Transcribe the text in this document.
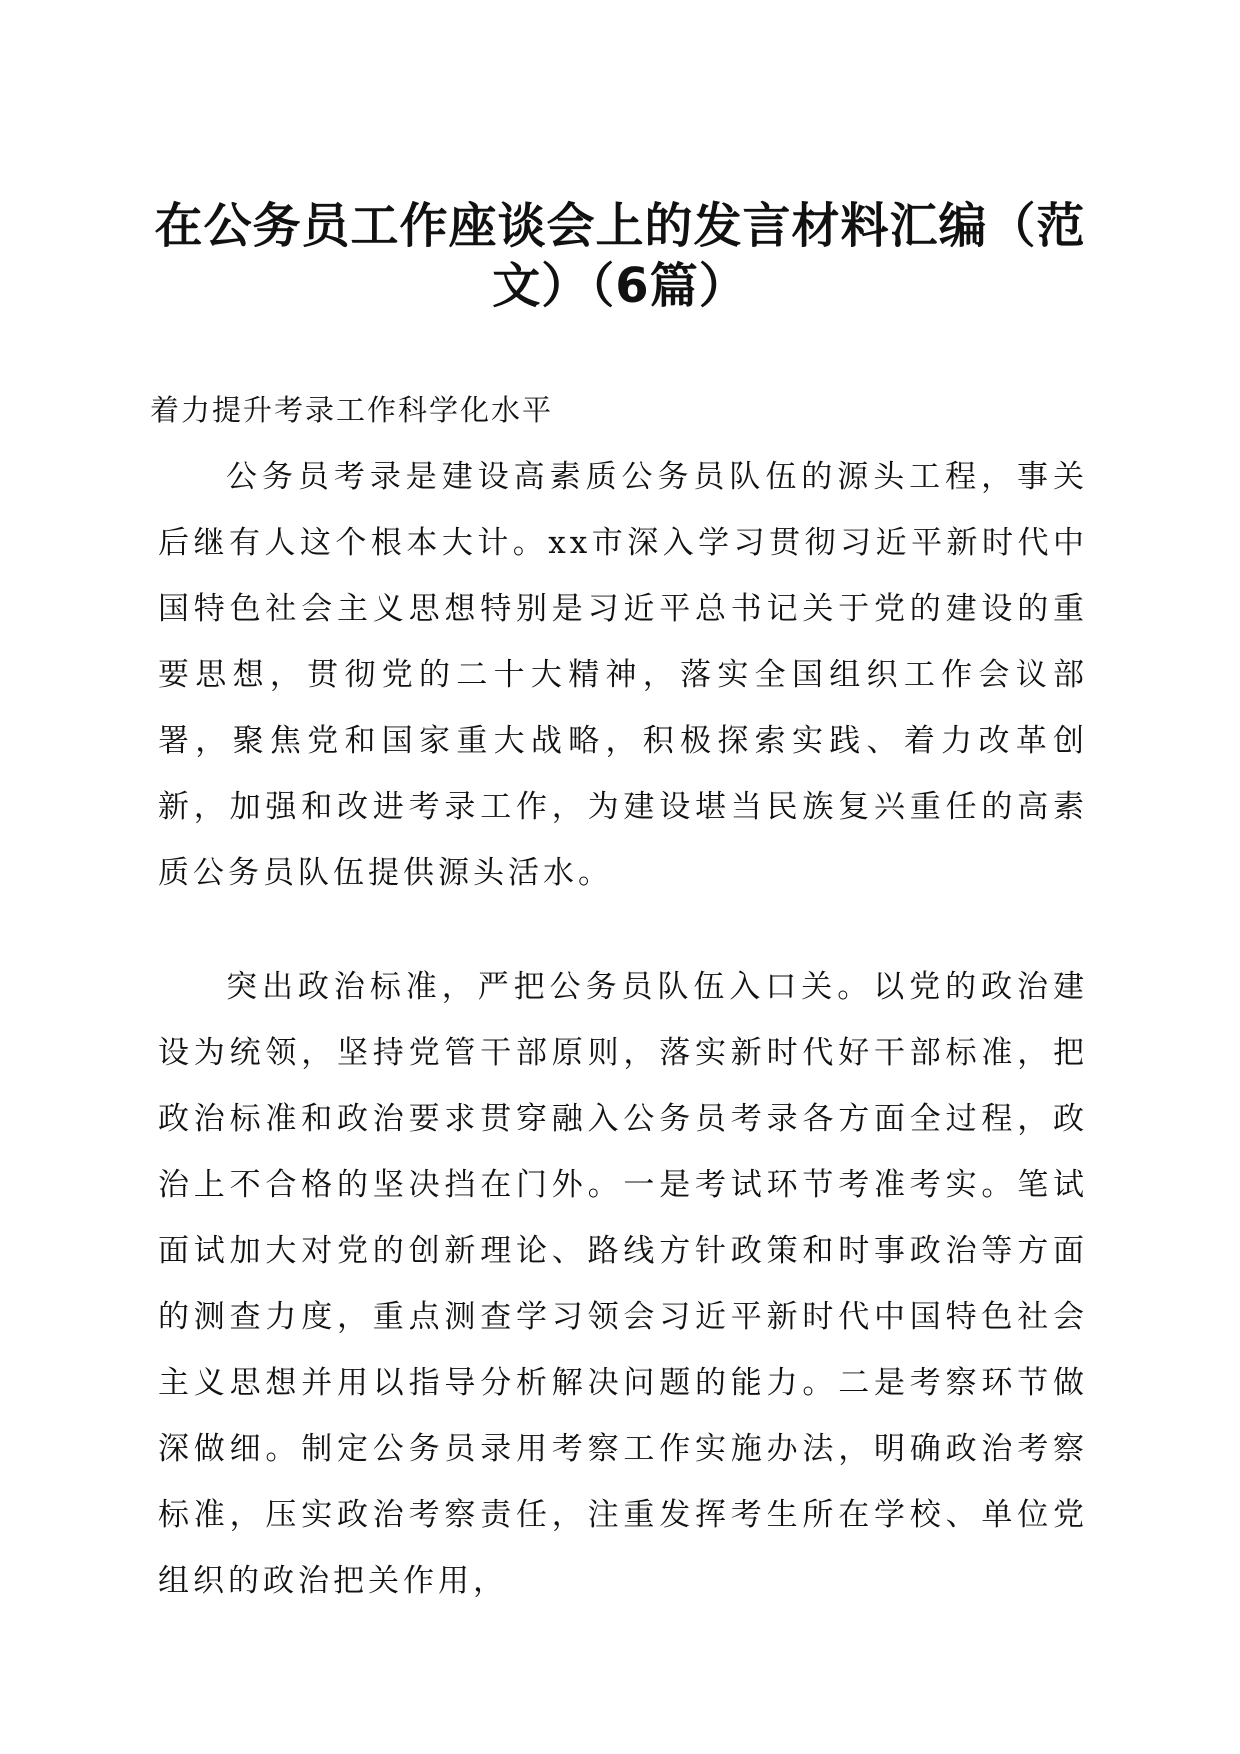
在公务员工作座谈会上的发言材料汇编（范
文）（6篇）
着力提升考录工作科学化水平

公务员考录是建设高素质公务员队伍的源头工程，事关后继有人这个根本大计。xx市深入学习贯彻习近平新时代中国特色社会主义思想特别是习近平总书记关于党的建设的重要思想，贯彻党的二十大精神，落实全国组织工作会议部署，聚焦党和国家重大战略，积极探索实践、着力改革创新，加强和改进考录工作，为建设堪当民族复兴重任的高素质公务员队伍提供源头活水。

突出政治标准，严把公务员队伍入口关。以党的政治建设为统领，坚持党管干部原则，落实新时代好干部标准，把政治标准和政治要求贯穿融入公务员考录各方面全过程，政治上不合格的坚决挡在门外。一是考试环节考准考实。笔试面试加大对党的创新理论、路线方针政策和时事政治等方面的测查力度，重点测查学习领会习近平新时代中国特色社会主义思想并用以指导分析解决问题的能力。二是考察环节做深做细。制定公务员录用考察工作实施办法，明确政治考察标准，压实政治考察责任，注重发挥考生所在学校、单位党组织的政治把关作用，
